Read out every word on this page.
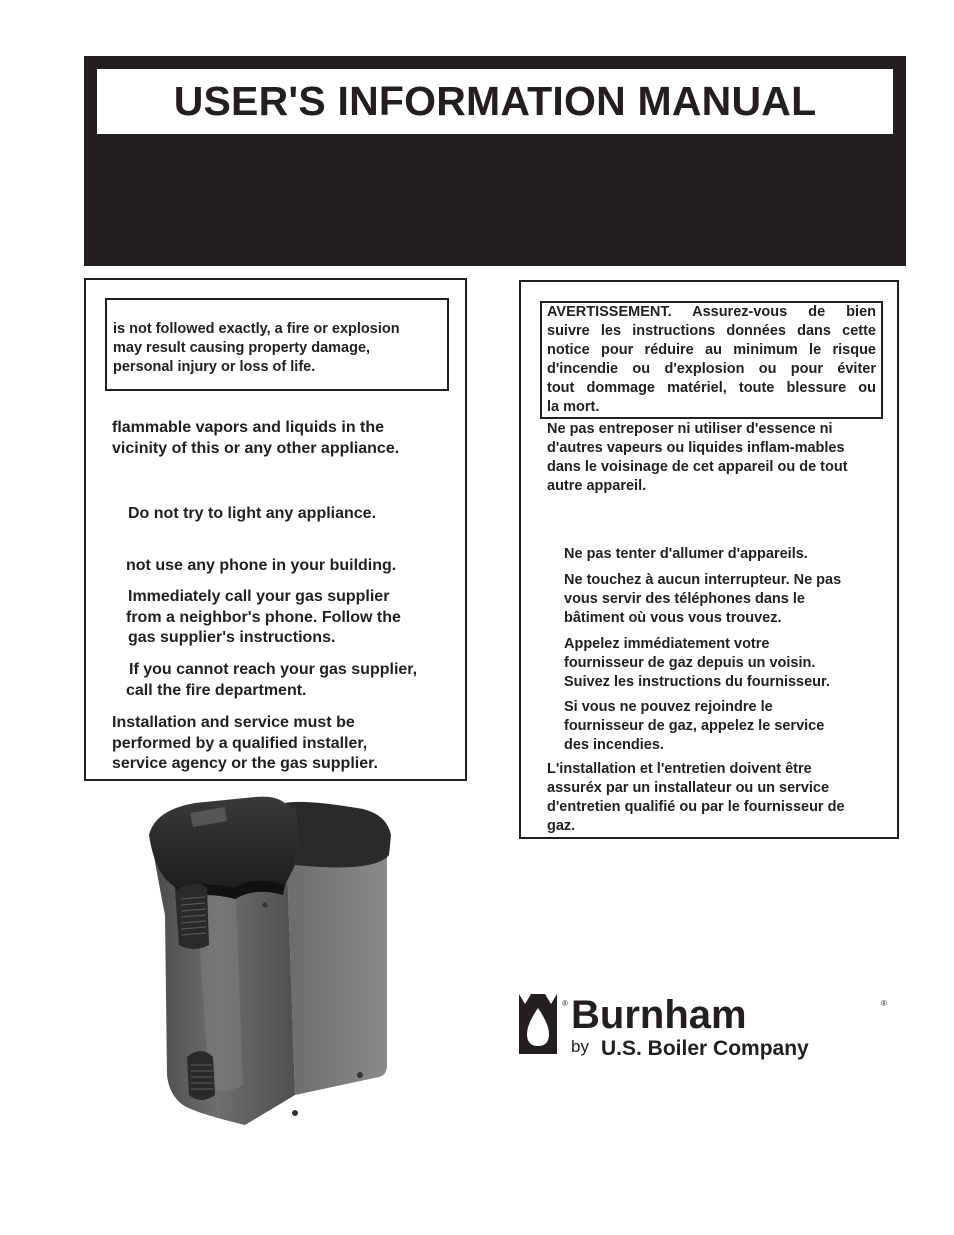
USER'S INFORMATION MANUAL
is not followed exactly, a fire or explosion
may result causing property damage,
personal injury or loss of life.
flammable vapors and liquids in the
vicinity of this or any other appliance.
Do not try to light any appliance.
not use any phone in your building.
Immediately call your gas supplier
from a neighbor's phone. Follow the
gas supplier's instructions.
If you cannot reach your gas supplier,
call the fire department.
Installation and service must be
performed by a qualified installer,
service agency or the gas supplier.
AVERTISSEMENT. Assurez-vous de bien
suivre les instructions données dans cette
notice pour réduire au minimum le risque
d'incendie ou d'explosion ou pour éviter
tout dommage matériel, toute blessure ou
la mort.
Ne pas entreposer ni utiliser d'essence ni
d'autres vapeurs ou liquides inflam-mables
dans le voisinage de cet appareil ou de tout
autre appareil.
Ne pas tenter d'allumer d'appareils.
Ne touchez à aucun interrupteur. Ne pas
vous servir des téléphones dans le
bâtiment où vous vous trouvez.
Appelez immédiatement votre
fournisseur de gaz depuis un voisin.
Suivez les instructions du fournisseur.
Si vous ne pouvez rejoindre le
fournisseur de gaz, appelez le service
des incendies.
L'installation et l'entretien doivent être
assuréx par un installateur ou un service
d'entretien qualifié ou par le fournisseur de
gaz.
® Burnham	®
by U.S. Boiler Company
